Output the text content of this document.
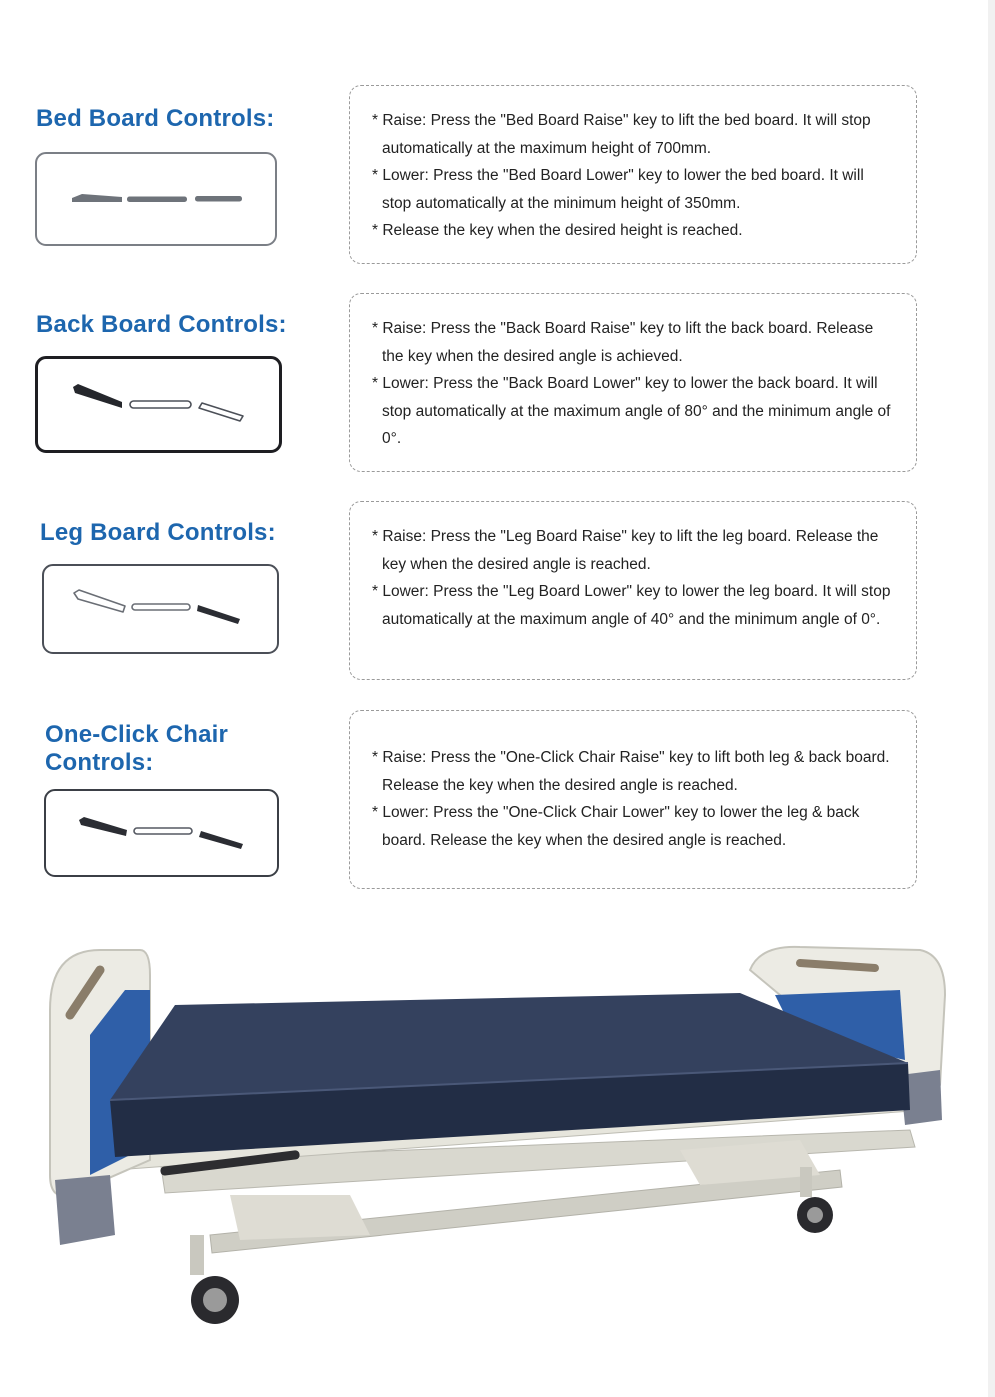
Bed Board Controls:	* Raise: Press the "Bed Board Raise" key to lift the bed board. It will stop automatically at the maximum height of 700mm.
* Lower: Press the "Bed Board Lower" key to lower the bed board. It will stop automatically at the minimum height of 350mm.
* Release the key when the desired height is reached.
Back Board Controls:	* Raise: Press the "Back Board Raise" key to lift the back board. Release the key when the desired angle is achieved.
* Lower: Press the "Back Board Lower" key to lower the back board. It will stop automatically at the maximum angle of 80° and the minimum angle of 0°.
Leg Board Controls:	* Raise: Press the "Leg Board Raise" key to lift the leg board. Release the key when the desired angle is reached.
* Lower: Press the "Leg Board Lower" key to lower the leg board. It will stop automatically at the maximum angle of 40° and the minimum angle of 0°.
One-Click Chair Controls:	* Raise: Press the "One-Click Chair Raise" key to lift both leg & back board. Release the key when the desired angle is reached.
* Lower: Press the "One-Click Chair Lower" key to lower the leg & back board. Release the key when the desired angle is reached.
